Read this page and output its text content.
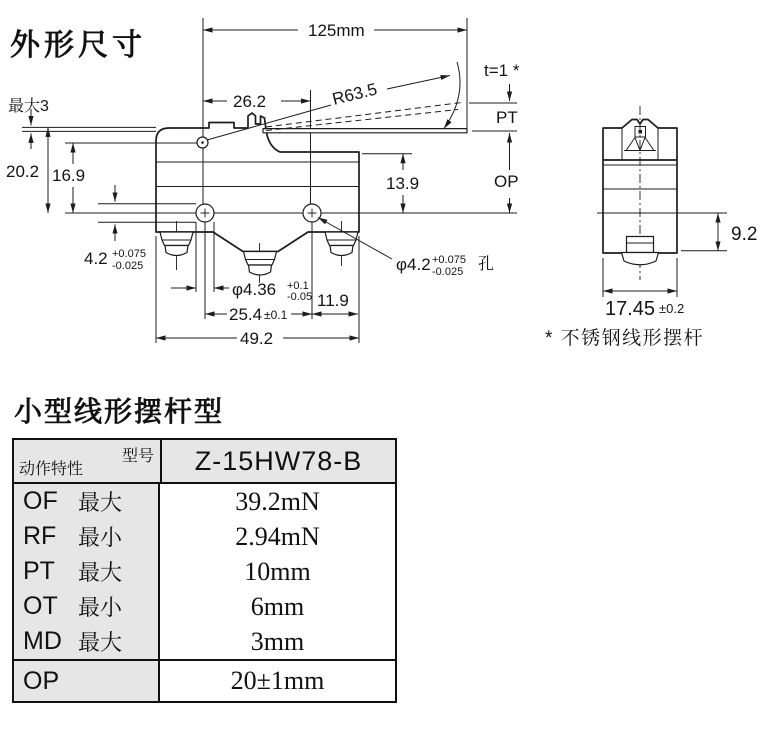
外形尺寸	125mm
26.2	R63.5
t=1 *
PT
OP
13.9
最大3
20.2 16.9
4.2 +0.075
-0.025
φ4.36 +0.1
-0.05
25.4 ±0.1
11.9
49.2
φ4.2 +0.075
-0.025 孔
9.2
17.45 ±0.2
* 不锈钢线形摆杆
小型线形摆杆型
型号
动作特性	Z-15HW78-B
OF 最大	39.2mN
RF 最小	2.94mN
PT	最大	10mm
OT 最小	6mm
MD 最大	3mm
OP	20±1mm
